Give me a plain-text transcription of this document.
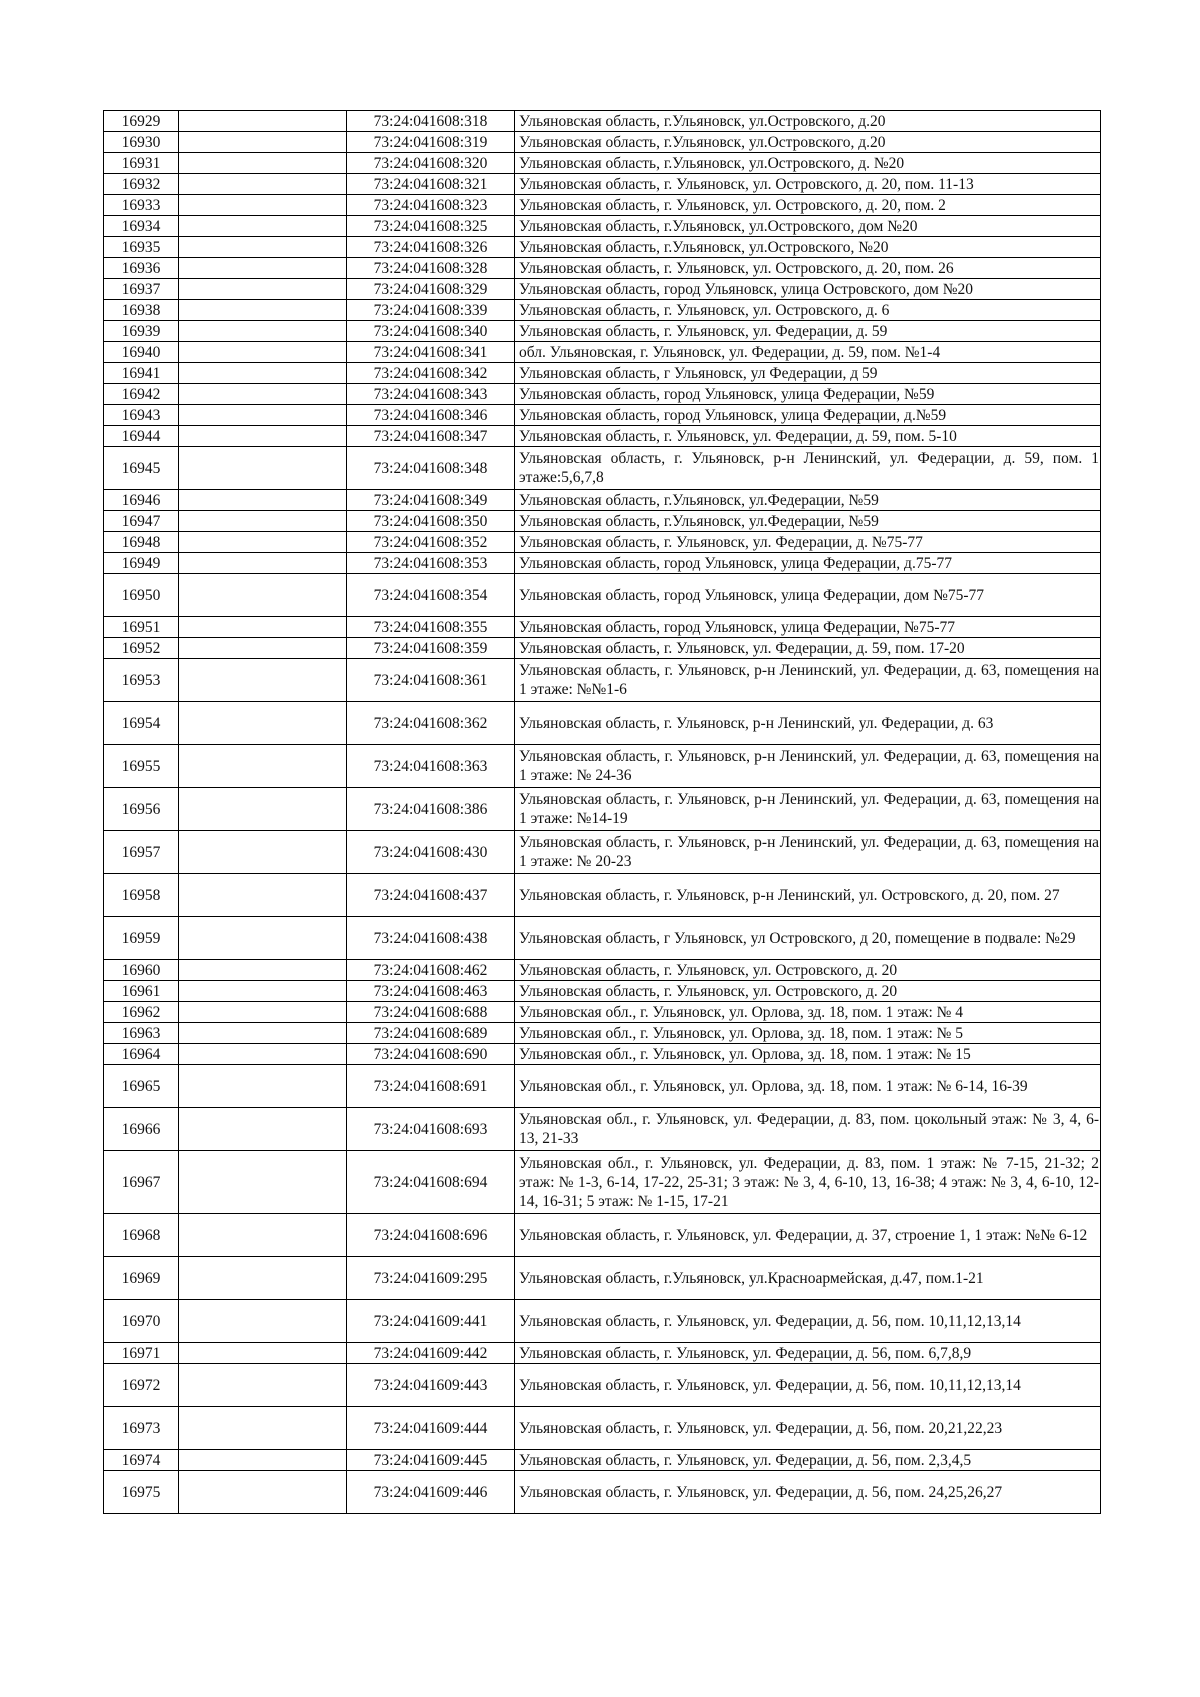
16929		73:24:041608:318	Ульяновская область, г.Ульяновск, ул.Островского, д.20
16930		73:24:041608:319	Ульяновская область, г.Ульяновск, ул.Островского, д.20
16931		73:24:041608:320	Ульяновская область, г.Ульяновск, ул.Островского, д. №20
16932		73:24:041608:321	Ульяновская область, г. Ульяновск, ул. Островского, д. 20, пом. 11-13
16933		73:24:041608:323	Ульяновская область, г. Ульяновск, ул. Островского, д. 20, пом. 2
16934		73:24:041608:325	Ульяновская область, г.Ульяновск, ул.Островского, дом №20
16935		73:24:041608:326	Ульяновская область, г.Ульяновск, ул.Островского, №20
16936		73:24:041608:328	Ульяновская область, г. Ульяновск, ул. Островского, д. 20, пом. 26
16937		73:24:041608:329	Ульяновская область, город Ульяновск, улица Островского, дом №20
16938		73:24:041608:339	Ульяновская область, г. Ульяновск, ул. Островского, д. 6
16939		73:24:041608:340	Ульяновская область, г. Ульяновск, ул. Федерации, д. 59
16940		73:24:041608:341	обл. Ульяновская, г. Ульяновск, ул. Федерации, д. 59, пом. №1-4
16941		73:24:041608:342	Ульяновская область, г Ульяновск, ул Федерации, д 59
16942		73:24:041608:343	Ульяновская область, город Ульяновск, улица Федерации, №59
16943		73:24:041608:346	Ульяновская область, город Ульяновск, улица Федерации, д.№59
16944		73:24:041608:347	Ульяновская область, г. Ульяновск, ул. Федерации, д. 59, пом. 5-10
16945		73:24:041608:348	Ульяновская область, г. Ульяновск, р-н Ленинский, ул. Федерации, д. 59, пом. 1 этаже:5,6,7,8
16946		73:24:041608:349	Ульяновская область, г.Ульяновск, ул.Федерации, №59
16947		73:24:041608:350	Ульяновская область, г.Ульяновск, ул.Федерации, №59
16948		73:24:041608:352	Ульяновская область, г. Ульяновск, ул. Федерации, д. №75-77
16949		73:24:041608:353	Ульяновская область, город Ульяновск, улица Федерации, д.75-77
16950		73:24:041608:354	Ульяновская область, город Ульяновск, улица Федерации, дом №75-77
16951		73:24:041608:355	Ульяновская область, город Ульяновск, улица Федерации, №75-77
16952		73:24:041608:359	Ульяновская область, г. Ульяновск, ул. Федерации, д. 59, пом. 17-20
16953		73:24:041608:361	Ульяновская область, г. Ульяновск, р-н Ленинский, ул. Федерации, д. 63, помещения на 1 этаже: №№1-6
16954		73:24:041608:362	Ульяновская область, г. Ульяновск, р-н Ленинский, ул. Федерации, д. 63
16955		73:24:041608:363	Ульяновская область, г. Ульяновск, р-н Ленинский, ул. Федерации, д. 63, помещения на 1 этаже: № 24-36
16956		73:24:041608:386	Ульяновская область, г. Ульяновск, р-н Ленинский, ул. Федерации, д. 63, помещения на 1 этаже: №14-19
16957		73:24:041608:430	Ульяновская область, г. Ульяновск, р-н Ленинский, ул. Федерации, д. 63, помещения на 1 этаже: № 20-23
16958		73:24:041608:437	Ульяновская область, г. Ульяновск, р-н Ленинский, ул. Островского, д. 20, пом. 27
16959		73:24:041608:438	Ульяновская область, г Ульяновск, ул Островского, д 20, помещение в подвале: №29
16960		73:24:041608:462	Ульяновская область, г. Ульяновск, ул. Островского, д. 20
16961		73:24:041608:463	Ульяновская область, г. Ульяновск, ул. Островского, д. 20
16962		73:24:041608:688	Ульяновская обл., г. Ульяновск, ул. Орлова, зд. 18, пом. 1 этаж: № 4
16963		73:24:041608:689	Ульяновская обл., г. Ульяновск, ул. Орлова, зд. 18, пом. 1 этаж: № 5
16964		73:24:041608:690	Ульяновская обл., г. Ульяновск, ул. Орлова, зд. 18, пом. 1 этаж: № 15
16965		73:24:041608:691	Ульяновская обл., г. Ульяновск, ул. Орлова, зд. 18, пом. 1 этаж: № 6-14, 16-39
16966		73:24:041608:693	Ульяновская обл., г. Ульяновск, ул. Федерации, д. 83, пом. цокольный этаж: № 3, 4, 6-13, 21-33
16967		73:24:041608:694	Ульяновская обл., г. Ульяновск, ул. Федерации, д. 83, пом. 1 этаж: № 7-15, 21-32; 2 этаж: № 1-3, 6-14, 17-22, 25-31; 3 этаж: № 3, 4, 6-10, 13, 16-38; 4 этаж: № 3, 4, 6-10, 12-14, 16-31; 5 этаж: № 1-15, 17-21
16968		73:24:041608:696	Ульяновская область, г. Ульяновск, ул. Федерации, д. 37, строение 1, 1 этаж: №№ 6-12
16969		73:24:041609:295	Ульяновская область, г.Ульяновск, ул.Красноармейская, д.47, пом.1-21
16970		73:24:041609:441	Ульяновская область, г. Ульяновск, ул. Федерации, д. 56, пом. 10,11,12,13,14
16971		73:24:041609:442	Ульяновская область, г. Ульяновск, ул. Федерации, д. 56, пом. 6,7,8,9
16972		73:24:041609:443	Ульяновская область, г. Ульяновск, ул. Федерации, д. 56, пом. 10,11,12,13,14
16973		73:24:041609:444	Ульяновская область, г. Ульяновск, ул. Федерации, д. 56, пом. 20,21,22,23
16974		73:24:041609:445	Ульяновская область, г. Ульяновск, ул. Федерации, д. 56, пом. 2,3,4,5
16975		73:24:041609:446	Ульяновская область, г. Ульяновск, ул. Федерации, д. 56, пом. 24,25,26,27
